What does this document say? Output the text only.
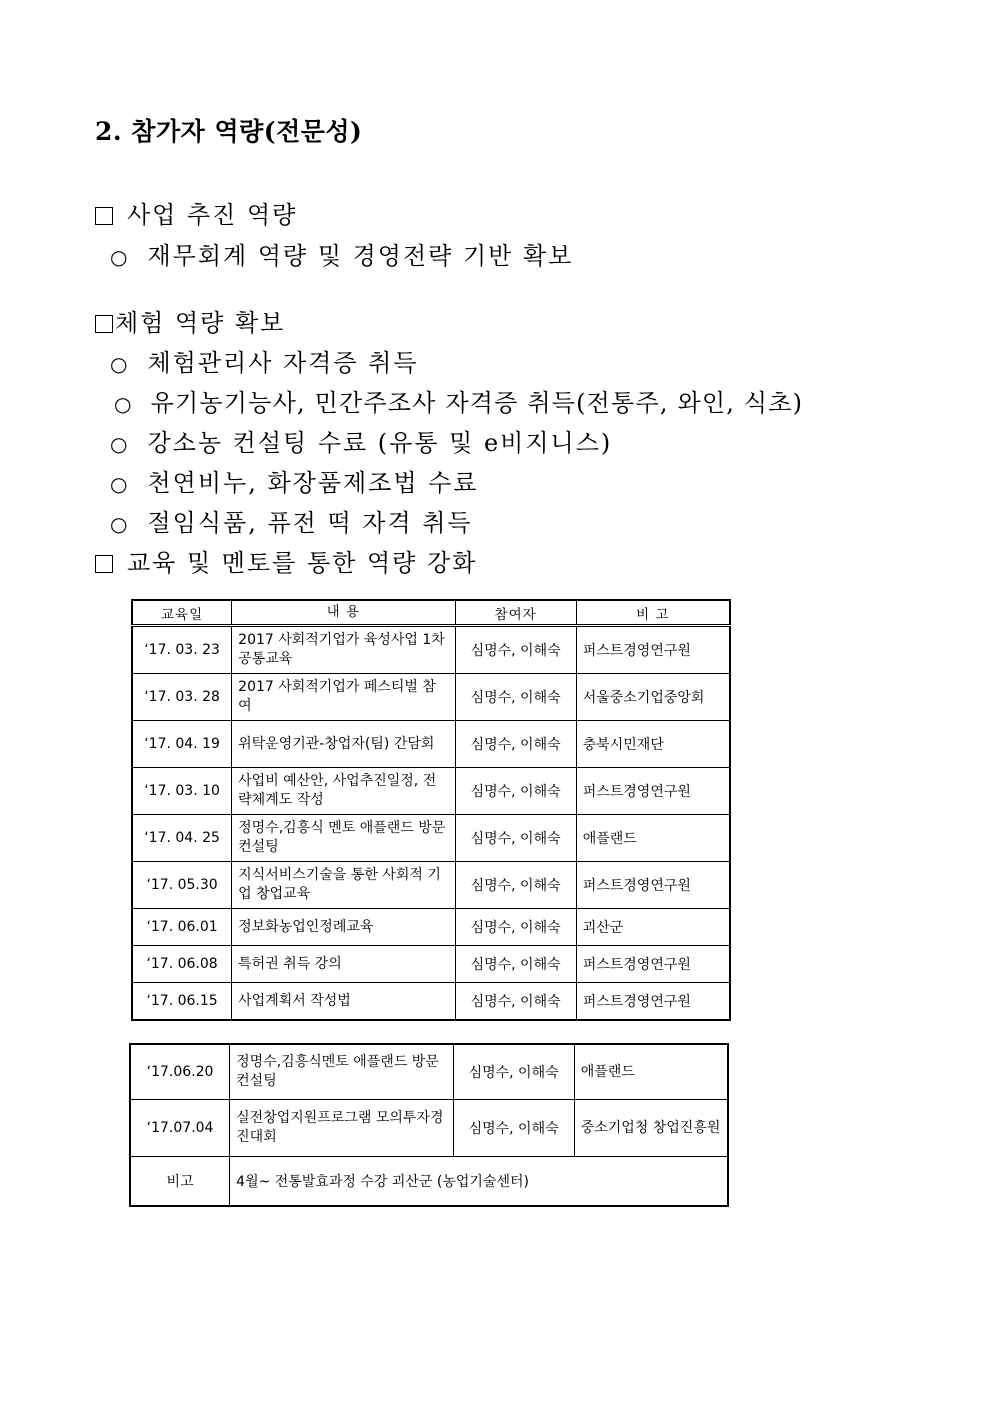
2. 참가자 역량(전문성)
사업 추진 역량
○ 재무회계 역량 및 경영전략 기반 확보
체험 역량 확보
○ 체험관리사 자격증 취득
○ 유기농기능사, 민간주조사 자격증 취득(전통주, 와인, 식초)
○ 강소농 컨설팅 수료 (유통 및 e비지니스)
○ 천연비누, 화장품제조법 수료
○ 절임식품, 퓨전 떡 자격 취득
교육 및 멘토를 통한 역량 강화
교육일	내 용	참여자	비 고
‘17. 03. 23	2017 사회적기업가 육성사업 1차 공통교육	심명수, 이해숙	퍼스트경영연구원
‘17. 03. 28	2017 사회적기업가 페스티벌 참여	심명수, 이해숙	서울중소기업중앙회
‘17. 04. 19	위탁운영기관-창업자(팀) 간담회	심명수, 이해숙	충북시민재단
‘17. 03. 10	사업비 예산안, 사업추진일정, 전략체계도 작성	심명수, 이해숙	퍼스트경영연구원
‘17. 04. 25	정명수,김흥식 멘토 애플랜드 방문 컨설팅	심명수, 이해숙	애플랜드
‘17. 05.30	지식서비스기술을 통한 사회적 기업 창업교육	심명수, 이해숙	퍼스트경영연구원
‘17. 06.01	정보화농업인정례교육	심명수, 이해숙	괴산군
‘17. 06.08	특허권 취득 강의	심명수, 이해숙	퍼스트경영연구원
‘17. 06.15	사업계획서 작성법	심명수, 이해숙	퍼스트경영연구원
‘17.06.20	정명수,김흥식멘토 애플랜드 방문 컨설팅	심명수, 이해숙	애플랜드
‘17.07.04	실전창업지원프로그램 모의투자경진대회	심명수, 이해숙	중소기업청 창업진흥원
비고	4월~ 전통발효과정 수강 괴산군 (농업기술센터)		
